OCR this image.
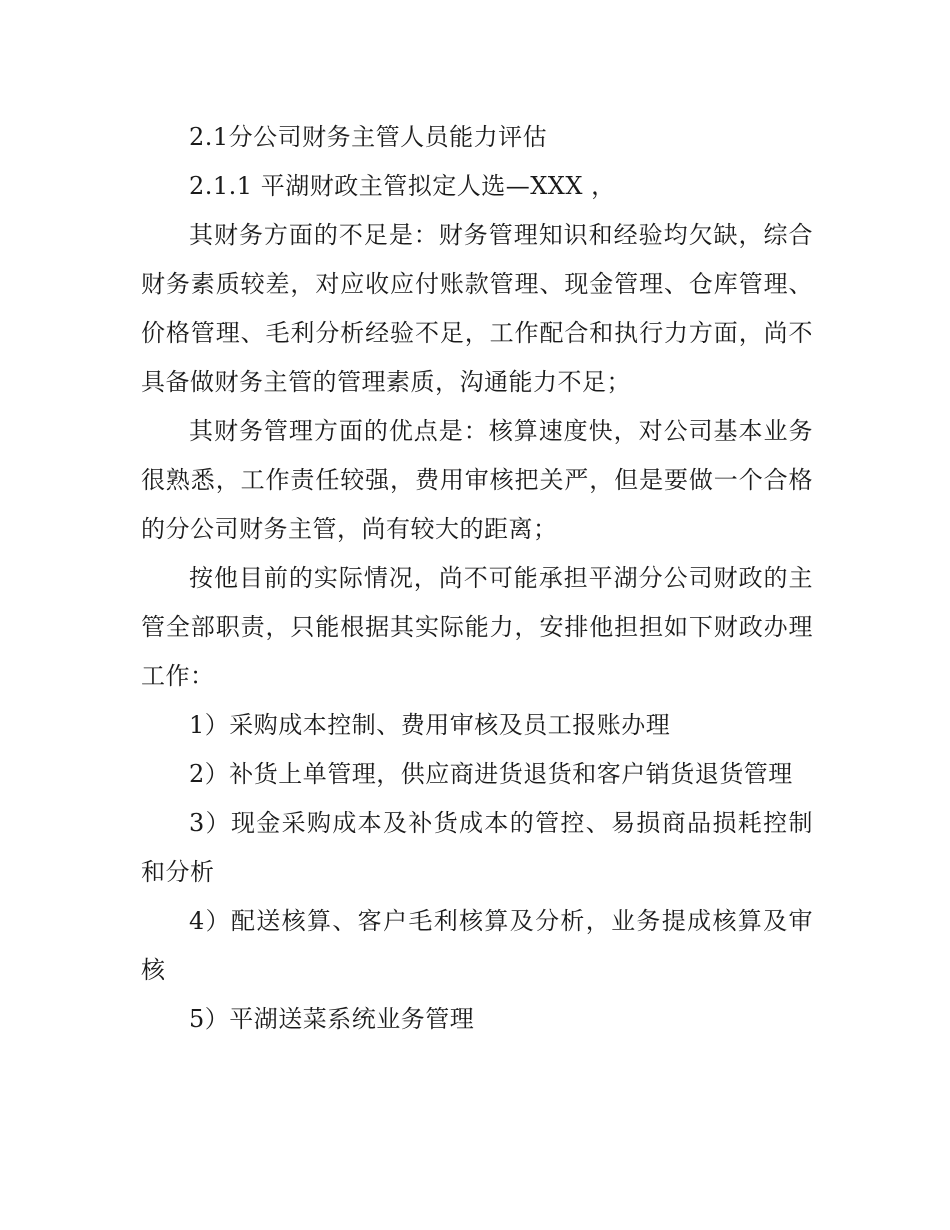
2.1分公司财务主管人员能力评估

2.1.1 平湖财政主管拟定人选—XXX ，

其财务方面的不足是：财务管理知识和经验均欠缺，综合财务素质较差，对应收应付账款管理、现金管理、仓库管理、价格管理、毛利分析经验不足，工作配合和执行力方面，尚不具备做财务主管的管理素质，沟通能力不足；

其财务管理方面的优点是：核算速度快，对公司基本业务很熟悉，工作责任较强，费用审核把关严，但是要做一个合格的分公司财务主管，尚有较大的距离；

按他目前的实际情况，尚不可能承担平湖分公司财政的主管全部职责，只能根据其实际能力，安排他担担如下财政办理工作：

1）采购成本控制、费用审核及员工报账办理

2）补货上单管理，供应商进货退货和客户销货退货管理

3）现金采购成本及补货成本的管控、易损商品损耗控制和分析

4）配送核算、客户毛利核算及分析，业务提成核算及审核

5）平湖送菜系统业务管理
